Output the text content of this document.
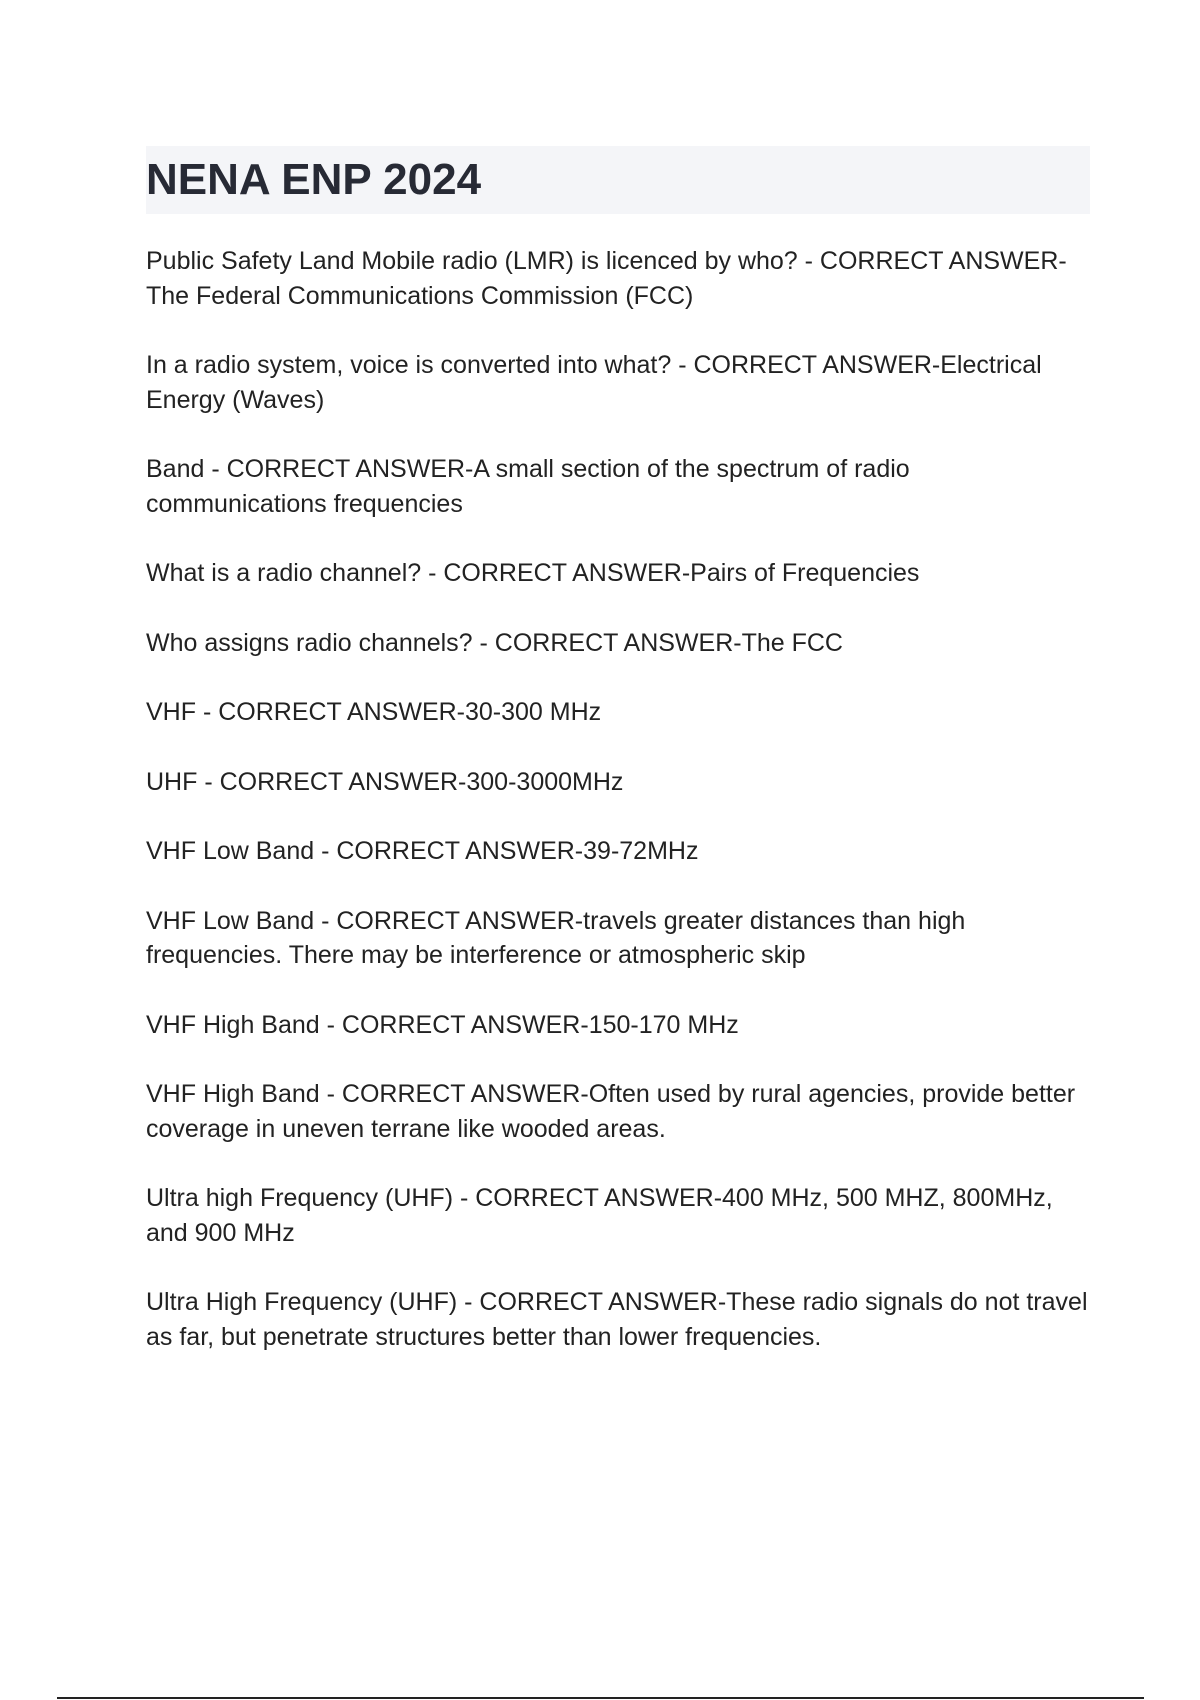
NENA ENP 2024
Public Safety Land Mobile radio (LMR) is licenced by who? - CORRECT ANSWER-The Federal Communications Commission (FCC)
In a radio system, voice is converted into what? - CORRECT ANSWER-Electrical Energy (Waves)
Band - CORRECT ANSWER-A small section of the spectrum of radio communications frequencies
What is a radio channel? - CORRECT ANSWER-Pairs of Frequencies
Who assigns radio channels? - CORRECT ANSWER-The FCC
VHF - CORRECT ANSWER-30-300 MHz
UHF - CORRECT ANSWER-300-3000MHz
VHF Low Band - CORRECT ANSWER-39-72MHz
VHF Low Band - CORRECT ANSWER-travels greater distances than high frequencies. There may be interference or atmospheric skip
VHF High Band - CORRECT ANSWER-150-170 MHz
VHF High Band - CORRECT ANSWER-Often used by rural agencies, provide better coverage in uneven terrane like wooded areas.
Ultra high Frequency (UHF) - CORRECT ANSWER-400 MHz, 500 MHZ, 800MHz, and 900 MHz
Ultra High Frequency (UHF) - CORRECT ANSWER-These radio signals do not travel as far, but penetrate structures better than lower frequencies.
